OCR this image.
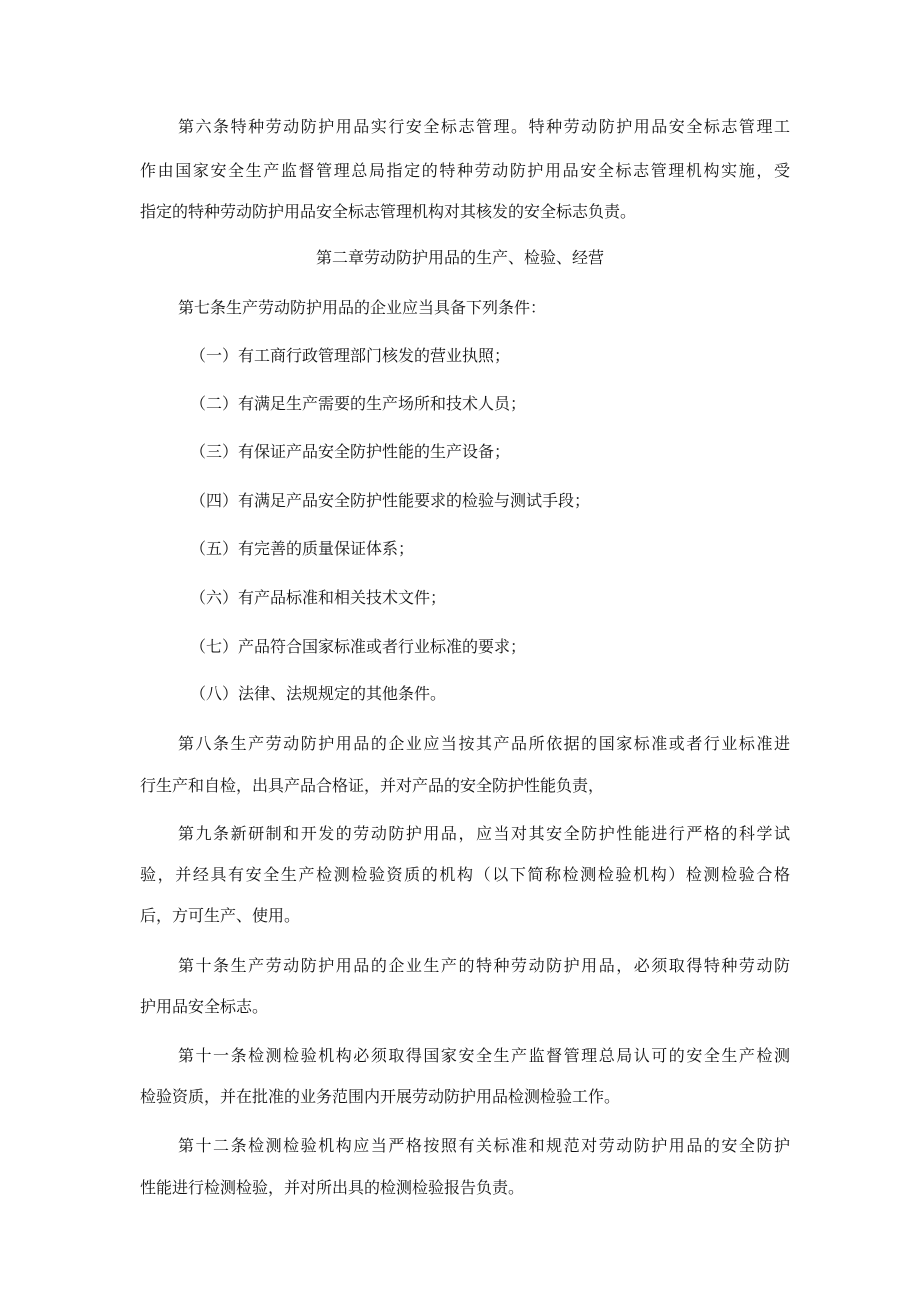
第六条特种劳动防护用品实行安全标志管理。特种劳动防护用品安全标志管理工
作由国家安全生产监督管理总局指定的特种劳动防护用品安全标志管理机构实施，受
指定的特种劳动防护用品安全标志管理机构对其核发的安全标志负责。
第二章劳动防护用品的生产、检验、经营
第七条生产劳动防护用品的企业应当具备下列条件：
（一）有工商行政管理部门核发的营业执照；
（二）有满足生产需要的生产场所和技术人员；
（三）有保证产品安全防护性能的生产设备；
（四）有满足产品安全防护性能要求的检验与测试手段；
（五）有完善的质量保证体系；
（六）有产品标准和相关技术文件；
（七）产品符合国家标准或者行业标准的要求；
（八）法律、法规规定的其他条件。
第八条生产劳动防护用品的企业应当按其产品所依据的国家标准或者行业标准进
行生产和自检，出具产品合格证，并对产品的安全防护性能负责，
第九条新研制和开发的劳动防护用品，应当对其安全防护性能进行严格的科学试
验，并经具有安全生产检测检验资质的机构（以下简称检测检验机构）检测检验合格
后，方可生产、使用。
第十条生产劳动防护用品的企业生产的特种劳动防护用品，必须取得特种劳动防
护用品安全标志。
第十一条检测检验机构必须取得国家安全生产监督管理总局认可的安全生产检测
检验资质，并在批准的业务范围内开展劳动防护用品检测检验工作。
第十二条检测检验机构应当严格按照有关标准和规范对劳动防护用品的安全防护
性能进行检测检验，并对所出具的检测检验报告负责。
